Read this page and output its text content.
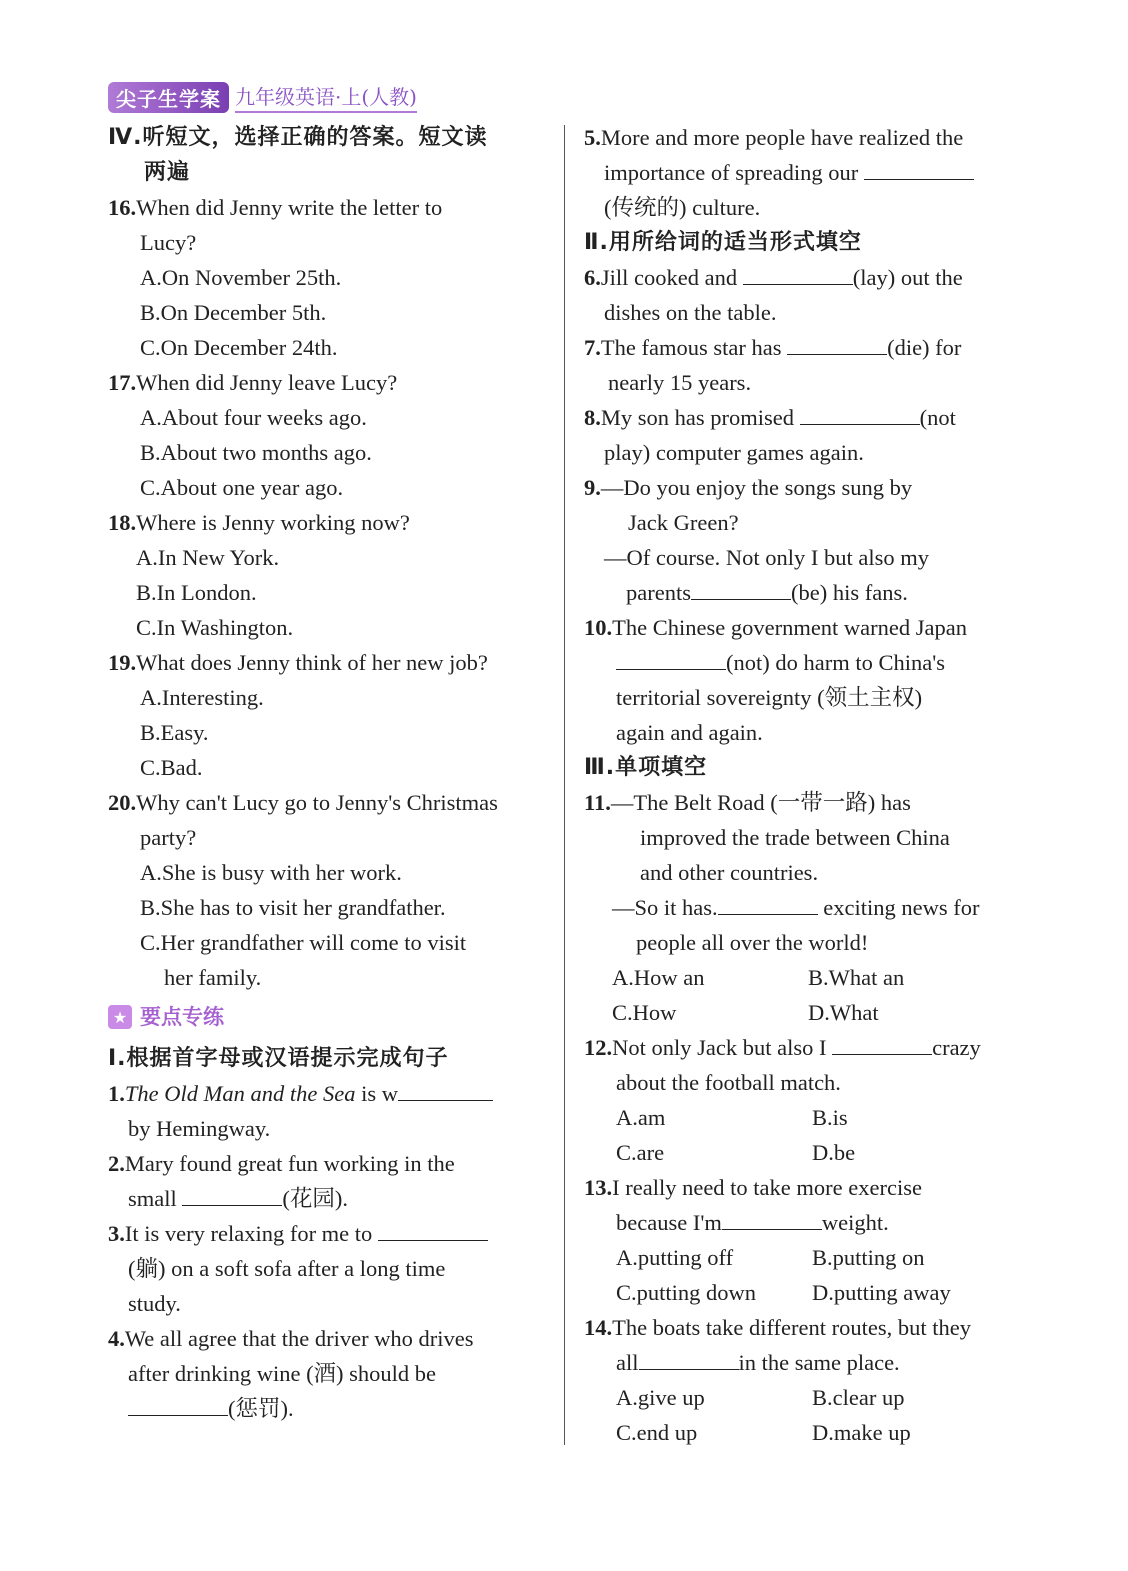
尖子生学案 九年级英语·上(人教)
Ⅳ.听短文，选择正确的答案。短文读
两遍
16.When did Jenny write the letter to
Lucy?
A.On November 25th.
B.On December 5th.
C.On December 24th.
17.When did Jenny leave Lucy?
A.About four weeks ago.
B.About two months ago.
C.About one year ago.
18.Where is Jenny working now?
A.In New York.
B.In London.
C.In Washington.
19.What does Jenny think of her new job?
A.Interesting.
B.Easy.
C.Bad.
20.Why can't Lucy go to Jenny's Christmas
party?
A.She is busy with her work.
B.She has to visit her grandfather.
C.Her grandfather will come to visit
her family.
★ 要点专练
Ⅰ.根据首字母或汉语提示完成句子
1.The Old Man and the Sea is w
by Hemingway.
2.Mary found great fun working in the
small	(花园).
3.It is very relaxing for me to
(躺) on a soft sofa after a long time
study.
4.We all agree that the driver who drives
after drinking wine (酒) should be
(惩罚).
5.More and more people have realized the
importance of spreading our
(传统的) culture.
Ⅱ.用所给词的适当形式填空
6.Jill cooked and	(lay) out the
dishes on the table.
7.The famous star has	(die) for
nearly 15 years.
8.My son has promised	(not
play) computer games again.
9.—Do you enjoy the songs sung by
Jack Green?
—Of course. Not only I but also my
parents	(be) his fans.
10.The Chinese government warned Japan
(not) do harm to China's
territorial sovereignty (领土主权)
again and again.
Ⅲ.单项填空
11.—The Belt Road (一带一路) has
improved the trade between China
and other countries.
—So it has.	exciting news for
people all over the world!
A.How an	B.What an
C.How	D.What
12.Not only Jack but also I	crazy
about the football match.
A.am	B.is
C.are	D.be
13.I really need to take more exercise
because I'm	weight.
A.putting off	B.putting on
C.putting down	D.putting away
14.The boats take different routes, but they
all	in the same place.
A.give up	B.clear up
C.end up	D.make up
